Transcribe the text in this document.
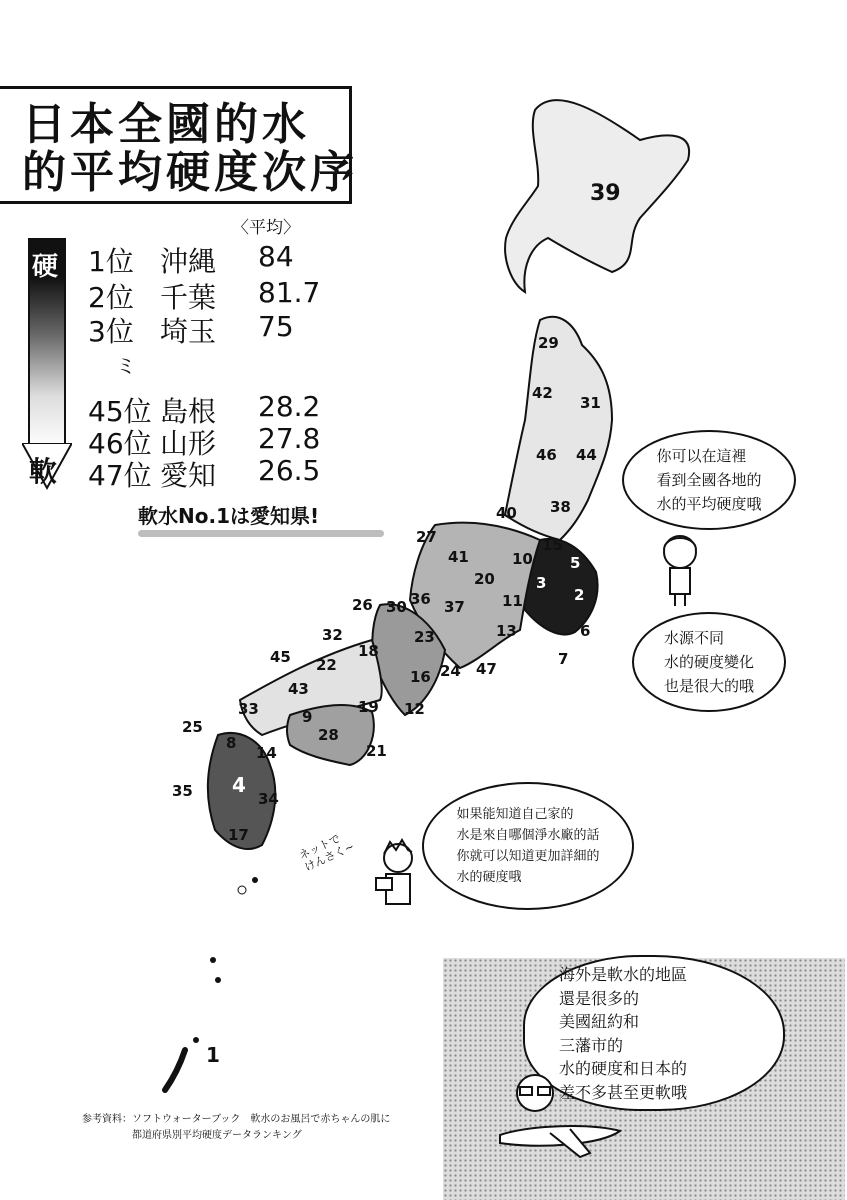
日本全國的水
的平均硬度次序
〈平均〉
硬
軟
1位 沖縄 84
2位 千葉 81.7
3位 埼玉 75
ミ
45位 島根 28.2
46位 山形 27.8
47位 愛知 26.5
軟水No.1は愛知県!
39
29
42
31
46 44
38
40
15
5
27
10
41
3
2
20
11
26 30 36 37
13	6
7
45
32
18
23
47
43
22
16 24
12
33	9
19
25
8
14
28
21
35 4
34
17
1
你可以在這裡
看到全國各地的
水的平均硬度哦
水源不同
水的硬度變化
也是很大的哦
如果能知道自己家的
水是來自哪個淨水廠的話
你就可以知道更加詳細的
水的硬度哦
ネットで
けんさく~
海外是軟水的地區
還是很多的
美國紐約和
三藩市的
水的硬度和日本的
差不多甚至更軟哦
参考資料：ソフトウォーターブック　軟水のお風呂で赤ちゃんの肌に
　　　　　都道府県別平均硬度データランキング
